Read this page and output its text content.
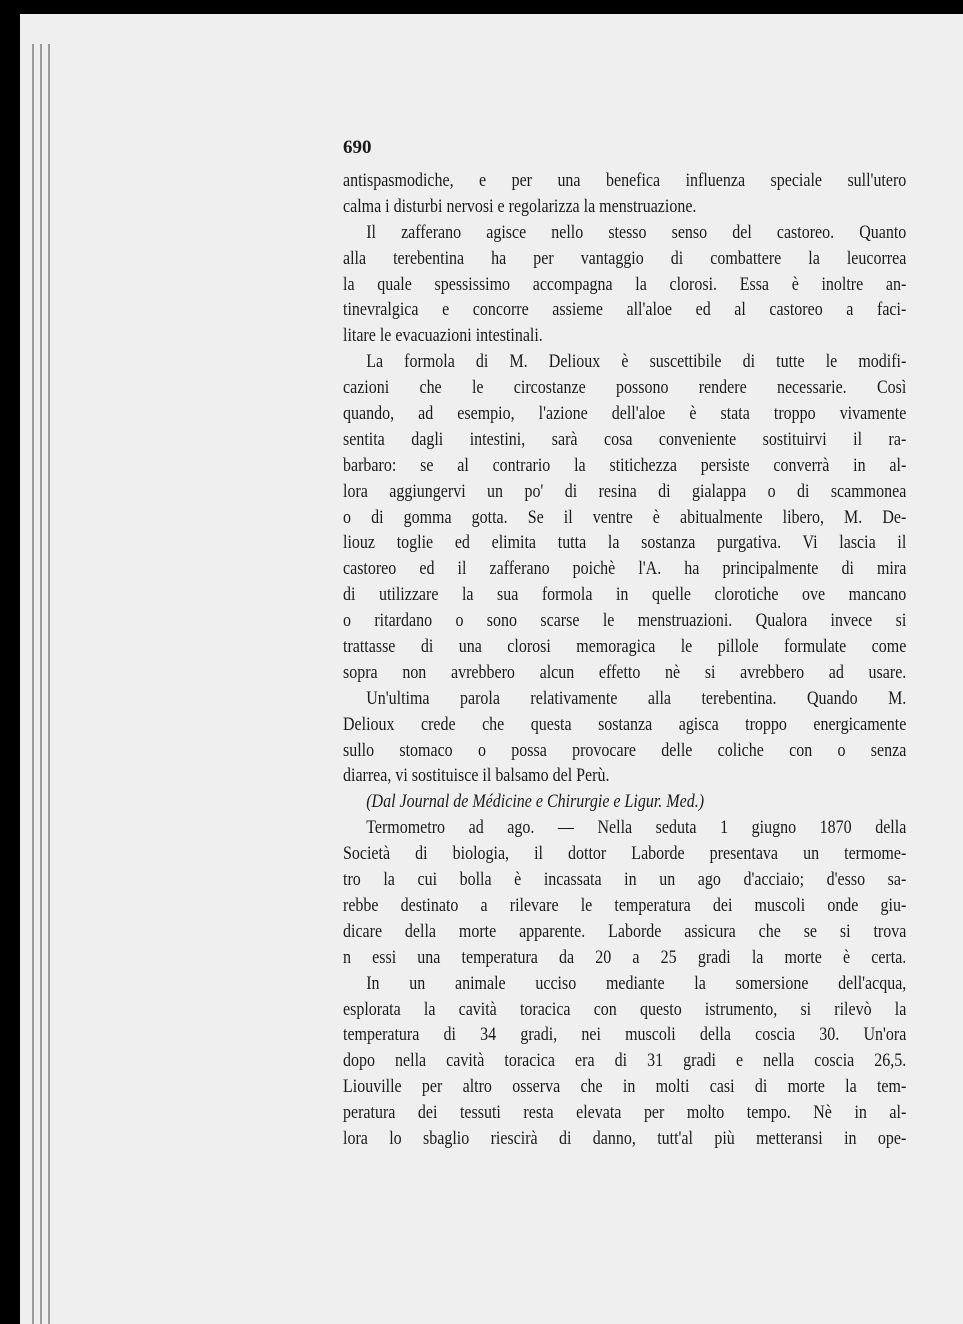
690
antispasmodiche, e per una benefica influenza speciale sull'utero
calma i disturbi nervosi e regolarizza la menstruazione.
Il zafferano agisce nello stesso senso del castoreo. Quanto
alla terebentina ha per vantaggio di combattere la leucorrea
la quale spessissimo accompagna la clorosi. Essa è inoltre an-
tinevralgica e concorre assieme all'aloe ed al castoreo a faci-
litare le evacuazioni intestinali.
La formola di M. Delioux è suscettibile di tutte le modifi-
cazioni che le circostanze possono rendere necessarie. Così
quando, ad esempio, l'azione dell'aloe è stata troppo vivamente
sentita dagli intestini, sarà cosa conveniente sostituirvi il ra-
barbaro: se al contrario la stitichezza persiste converrà in al-
lora aggiungervi un po' di resina di gialappa o di scammonea
o di gomma gotta. Se il ventre è abitualmente libero, M. De-
liouz toglie ed elimita tutta la sostanza purgativa. Vi lascia il
castoreo ed il zafferano poichè l'A. ha principalmente di mira
di utilizzare la sua formola in quelle clorotiche ove mancano
o ritardano o sono scarse le menstruazioni. Qualora invece si
trattasse di una clorosi memoragica le pillole formulate come
sopra non avrebbero alcun effetto nè si avrebbero ad usare.
Un'ultima parola relativamente alla terebentina. Quando M.
Delioux crede che questa sostanza agisca troppo energicamente
sullo stomaco o possa provocare delle coliche con o senza
diarrea, vi sostituisce il balsamo del Perù.
(Dal Journal de Médicine e Chirurgie e Ligur. Med.)
Termometro ad ago. — Nella seduta 1 giugno 1870 della
Società di biologia, il dottor Laborde presentava un termome-
tro la cui bolla è incassata in un ago d'acciaio; d'esso sa-
rebbe destinato a rilevare le temperatura dei muscoli onde giu-
dicare della morte apparente. Laborde assicura che se si trova
n essi una temperatura da 20 a 25 gradi la morte è certa.
In un animale ucciso mediante la somersione dell'acqua,
esplorata la cavità toracica con questo istrumento, si rilevò la
temperatura di 34 gradi, nei muscoli della coscia 30. Un'ora
dopo nella cavità toracica era di 31 gradi e nella coscia 26,5.
Liouville per altro osserva che in molti casi di morte la tem-
peratura dei tessuti resta elevata per molto tempo. Nè in al-
lora lo sbaglio riescirà di danno, tutt'al più metteransi in ope-
